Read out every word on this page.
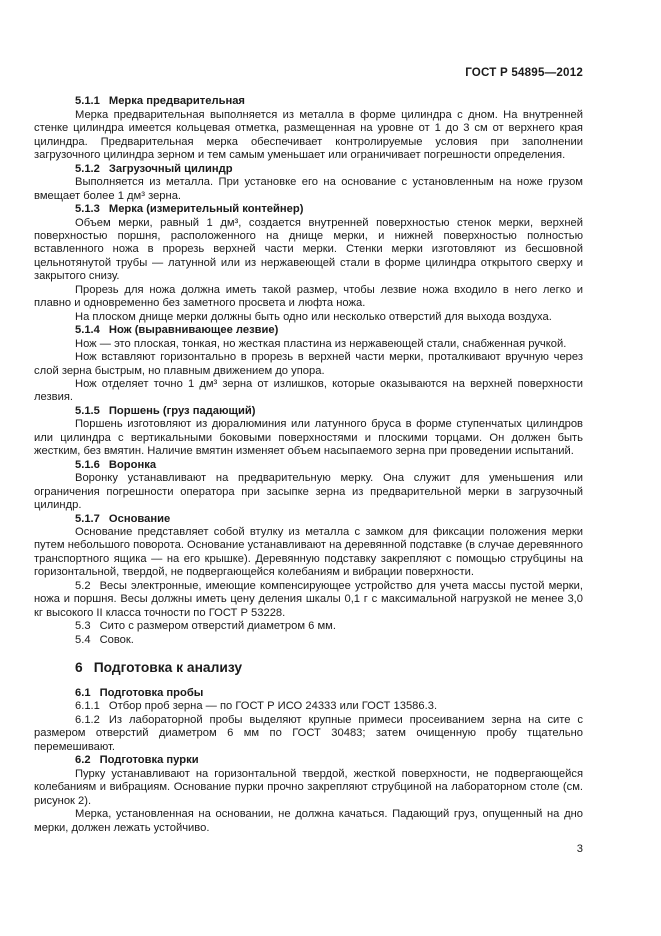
ГОСТ Р 54895—2012

5.1.1 Мерка предварительная

Мерка предварительная выполняется из металла в форме цилиндра с дном. На внутренней стенке цилиндра имеется кольцевая отметка, размещенная на уровне от 1 до 3 см от верхнего края цилиндра. Предварительная мерка обеспечивает контролируемые условия при заполнении загрузочного цилиндра зерном и тем самым уменьшает или ограничивает погрешности определения.

5.1.2 Загрузочный цилиндр

Выполняется из металла. При установке его на основание с установленным на ноже грузом вмещает более 1 дм³ зерна.

5.1.3 Мерка (измерительный контейнер)

Объем мерки, равный 1 дм³, создается внутренней поверхностью стенок мерки, верхней поверхностью поршня, расположенного на днище мерки, и нижней поверхностью полностью вставленного ножа в прорезь верхней части мерки. Стенки мерки изготовляют из бесшовной цельнотянутой трубы — латунной или из нержавеющей стали в форме цилиндра открытого сверху и закрытого снизу.

Прорезь для ножа должна иметь такой размер, чтобы лезвие ножа входило в него легко и плавно и одновременно без заметного просвета и люфта ножа.

На плоском днище мерки должны быть одно или несколько отверстий для выхода воздуха.

5.1.4 Нож (выравнивающее лезвие)

Нож — это плоская, тонкая, но жесткая пластина из нержавеющей стали, снабженная ручкой.

Нож вставляют горизонтально в прорезь в верхней части мерки, проталкивают вручную через слой зерна быстрым, но плавным движением до упора.

Нож отделяет точно 1 дм³ зерна от излишков, которые оказываются на верхней поверхности лезвия.

5.1.5 Поршень (груз падающий)

Поршень изготовляют из дюралюминия или латунного бруса в форме ступенчатых цилиндров или цилиндра с вертикальными боковыми поверхностями и плоскими торцами. Он должен быть жестким, без вмятин. Наличие вмятин изменяет объем насыпаемого зерна при проведении испытаний.

5.1.6 Воронка

Воронку устанавливают на предварительную мерку. Она служит для уменьшения или ограничения погрешности оператора при засыпке зерна из предварительной мерки в загрузочный цилиндр.

5.1.7 Основание

Основание представляет собой втулку из металла с замком для фиксации положения мерки путем небольшого поворота. Основание устанавливают на деревянной подставке (в случае деревянного транспортного ящика — на его крышке). Деревянную подставку закрепляют с помощью струбцины на горизонтальной, твердой, не подвергающейся колебаниям и вибрации поверхности.

5.2 Весы электронные, имеющие компенсирующее устройство для учета массы пустой мерки, ножа и поршня. Весы должны иметь цену деления шкалы 0,1 г с максимальной нагрузкой не менее 3,0 кг высокого II класса точности по ГОСТ Р 53228.

5.3 Сито с размером отверстий диаметром 6 мм.

5.4 Совок.

6 Подготовка к анализу

6.1 Подготовка пробы

6.1.1 Отбор проб зерна — по ГОСТ Р ИСО 24333 или ГОСТ 13586.3.

6.1.2 Из лабораторной пробы выделяют крупные примеси просеиванием зерна на сите с размером отверстий диаметром 6 мм по ГОСТ 30483; затем очищенную пробу тщательно перемешивают.

6.2 Подготовка пурки

Пурку устанавливают на горизонтальной твердой, жесткой поверхности, не подвергающейся колебаниям и вибрациям. Основание пурки прочно закрепляют струбциной на лабораторном столе (см. рисунок 2).

Мерка, установленная на основании, не должна качаться. Падающий груз, опущенный на дно мерки, должен лежать устойчиво.

3
